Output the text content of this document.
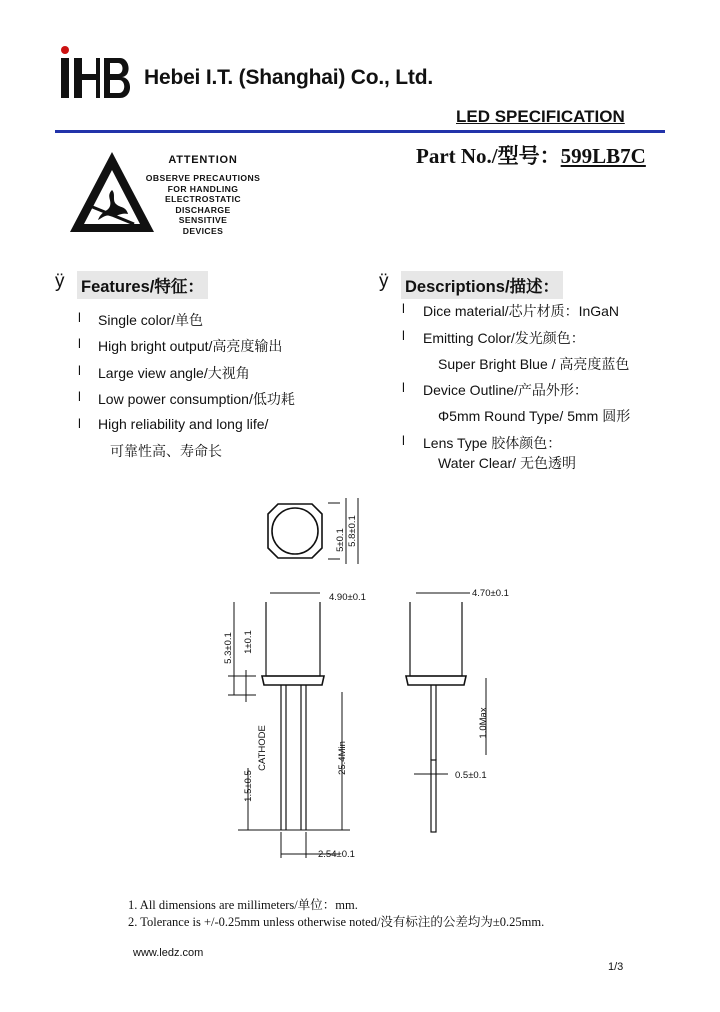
Hebei I.T. (Shanghai) Co., Ltd.
LED SPECIFICATION
Part No./型号：599LB7C
ATTENTION
OBSERVE PRECAUTIONS
FOR HANDLING
ELECTROSTATIC
DISCHARGE
SENSITIVE
DEVICES
ÿ Features/特征：
l Single color/单色
l High bright output/高亮度输出
l Large view angle/大视角
l Low power consumption/低功耗
l High reliability and long life/
可靠性高、寿命长
ÿ Descriptions/描述：
l Dice material/芯片材质：InGaN
l Emitting Color/发光颜色：
Super Bright Blue / 高亮度蓝色
l Device Outline/产品外形：
Φ5mm Round Type/ 5mm 圆形
l Lens Type 胶体颜色：
Water Clear/ 无色透明
5±0.1 5.8±0.1
4.90±0.1	4.70±0.1
5.3±0.1 1±0.1
CATHODE	25.4Min
1.5±0.5
1.0Max
0.5±0.1
2.54±0.1
1. All dimensions are millimeters/单位：mm.
2. Tolerance is +/-0.25mm unless otherwise noted/没有标注的公差均为±0.25mm.
www.ledz.com
1/3
